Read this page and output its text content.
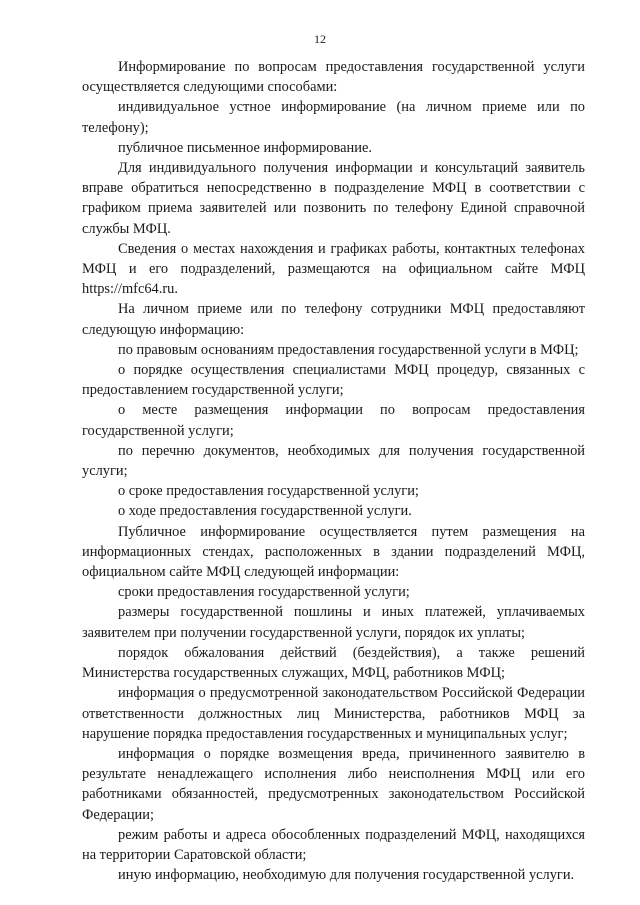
12

Информирование по вопросам предоставления государственной услуги осуществляется следующими способами:

индивидуальное устное информирование (на личном приеме или по телефону);

публичное письменное информирование.

Для индивидуального получения информации и консультаций заявитель вправе обратиться непосредственно в подразделение МФЦ в соответствии с графиком приема заявителей или позвонить по телефону Единой справочной службы МФЦ.

Сведения о местах нахождения и графиках работы, контактных телефонах МФЦ и его подразделений, размещаются на официальном сайте МФЦ https://mfc64.ru.

На личном приеме или по телефону сотрудники МФЦ предоставляют следующую информацию:

по правовым основаниям предоставления государственной услуги в МФЦ;

о порядке осуществления специалистами МФЦ процедур, связанных с предоставлением государственной услуги;

о месте размещения информации по вопросам предоставления государственной услуги;

по перечню документов, необходимых для получения государственной услуги;

о сроке предоставления государственной услуги;

о ходе предоставления государственной услуги.

Публичное информирование осуществляется путем размещения на информационных стендах, расположенных в здании подразделений МФЦ, официальном сайте МФЦ следующей информации:

сроки предоставления государственной услуги;

размеры государственной пошлины и иных платежей, уплачиваемых заявителем при получении государственной услуги, порядок их уплаты;

порядок обжалования действий (бездействия), а также решений Министерства государственных служащих, МФЦ, работников МФЦ;

информация о предусмотренной законодательством Российской Федерации ответственности должностных лиц Министерства, работников МФЦ за нарушение порядка предоставления государственных и муниципальных услуг;

информация о порядке возмещения вреда, причиненного заявителю в результате ненадлежащего исполнения либо неисполнения МФЦ или его работниками обязанностей, предусмотренных законодательством Российской Федерации;

режим работы и адреса обособленных подразделений МФЦ, находящихся на территории Саратовской области;

иную информацию, необходимую для получения государственной услуги.
